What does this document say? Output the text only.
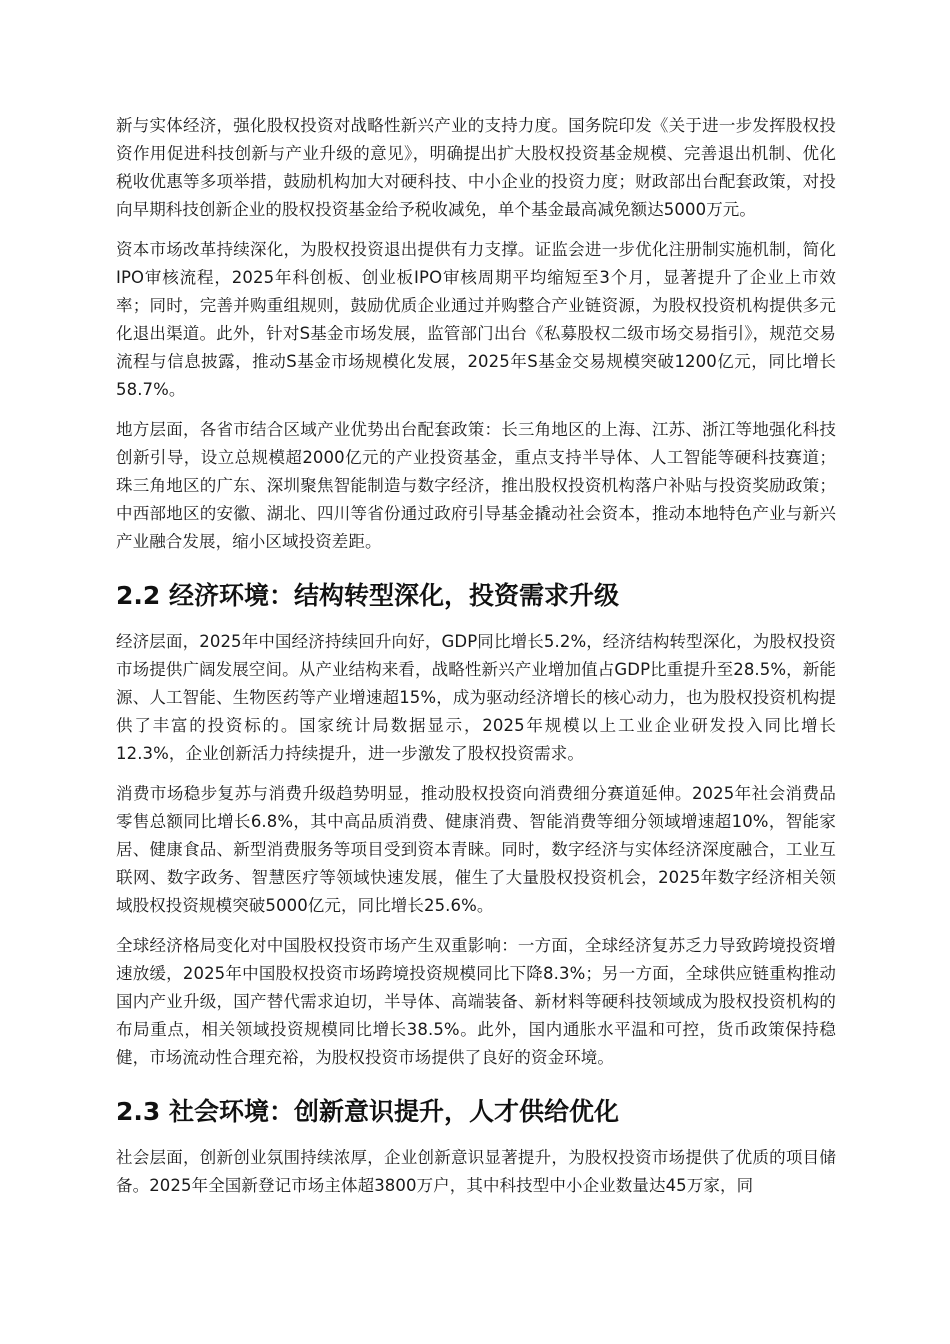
新与实体经济，强化股权投资对战略性新兴产业的支持力度。国务院印发《关于进一步发挥股权投资作用促进科技创新与产业升级的意见》，明确提出扩大股权投资基金规模、完善退出机制、优化税收优惠等多项举措，鼓励机构加大对硬科技、中小企业的投资力度；财政部出台配套政策，对投向早期科技创新企业的股权投资基金给予税收减免，单个基金最高减免额达5000万元。

资本市场改革持续深化，为股权投资退出提供有力支撑。证监会进一步优化注册制实施机制，简化IPO审核流程，2025年科创板、创业板IPO审核周期平均缩短至3个月，显著提升了企业上市效率；同时，完善并购重组规则，鼓励优质企业通过并购整合产业链资源，为股权投资机构提供多元化退出渠道。此外，针对S基金市场发展，监管部门出台《私募股权二级市场交易指引》，规范交易流程与信息披露，推动S基金市场规模化发展，2025年S基金交易规模突破1200亿元，同比增长58.7%。

地方层面，各省市结合区域产业优势出台配套政策：长三角地区的上海、江苏、浙江等地强化科技创新引导，设立总规模超2000亿元的产业投资基金，重点支持半导体、人工智能等硬科技赛道；珠三角地区的广东、深圳聚焦智能制造与数字经济，推出股权投资机构落户补贴与投资奖励政策；中西部地区的安徽、湖北、四川等省份通过政府引导基金撬动社会资本，推动本地特色产业与新兴产业融合发展，缩小区域投资差距。

2.2 经济环境：结构转型深化，投资需求升级

经济层面，2025年中国经济持续回升向好，GDP同比增长5.2%，经济结构转型深化，为股权投资市场提供广阔发展空间。从产业结构来看，战略性新兴产业增加值占GDP比重提升至28.5%，新能源、人工智能、生物医药等产业增速超15%，成为驱动经济增长的核心动力，也为股权投资机构提供了丰富的投资标的。国家统计局数据显示，2025年规模以上工业企业研发投入同比增长12.3%，企业创新活力持续提升，进一步激发了股权投资需求。

消费市场稳步复苏与消费升级趋势明显，推动股权投资向消费细分赛道延伸。2025年社会消费品零售总额同比增长6.8%，其中高品质消费、健康消费、智能消费等细分领域增速超10%，智能家居、健康食品、新型消费服务等项目受到资本青睐。同时，数字经济与实体经济深度融合，工业互联网、数字政务、智慧医疗等领域快速发展，催生了大量股权投资机会，2025年数字经济相关领域股权投资规模突破5000亿元，同比增长25.6%。

全球经济格局变化对中国股权投资市场产生双重影响：一方面，全球经济复苏乏力导致跨境投资增速放缓，2025年中国股权投资市场跨境投资规模同比下降8.3%；另一方面，全球供应链重构推动国内产业升级，国产替代需求迫切，半导体、高端装备、新材料等硬科技领域成为股权投资机构的布局重点，相关领域投资规模同比增长38.5%。此外，国内通胀水平温和可控，货币政策保持稳健，市场流动性合理充裕，为股权投资市场提供了良好的资金环境。

2.3 社会环境：创新意识提升，人才供给优化

社会层面，创新创业氛围持续浓厚，企业创新意识显著提升，为股权投资市场提供了优质的项目储备。2025年全国新登记市场主体超3800万户，其中科技型中小企业数量达45万家，同
